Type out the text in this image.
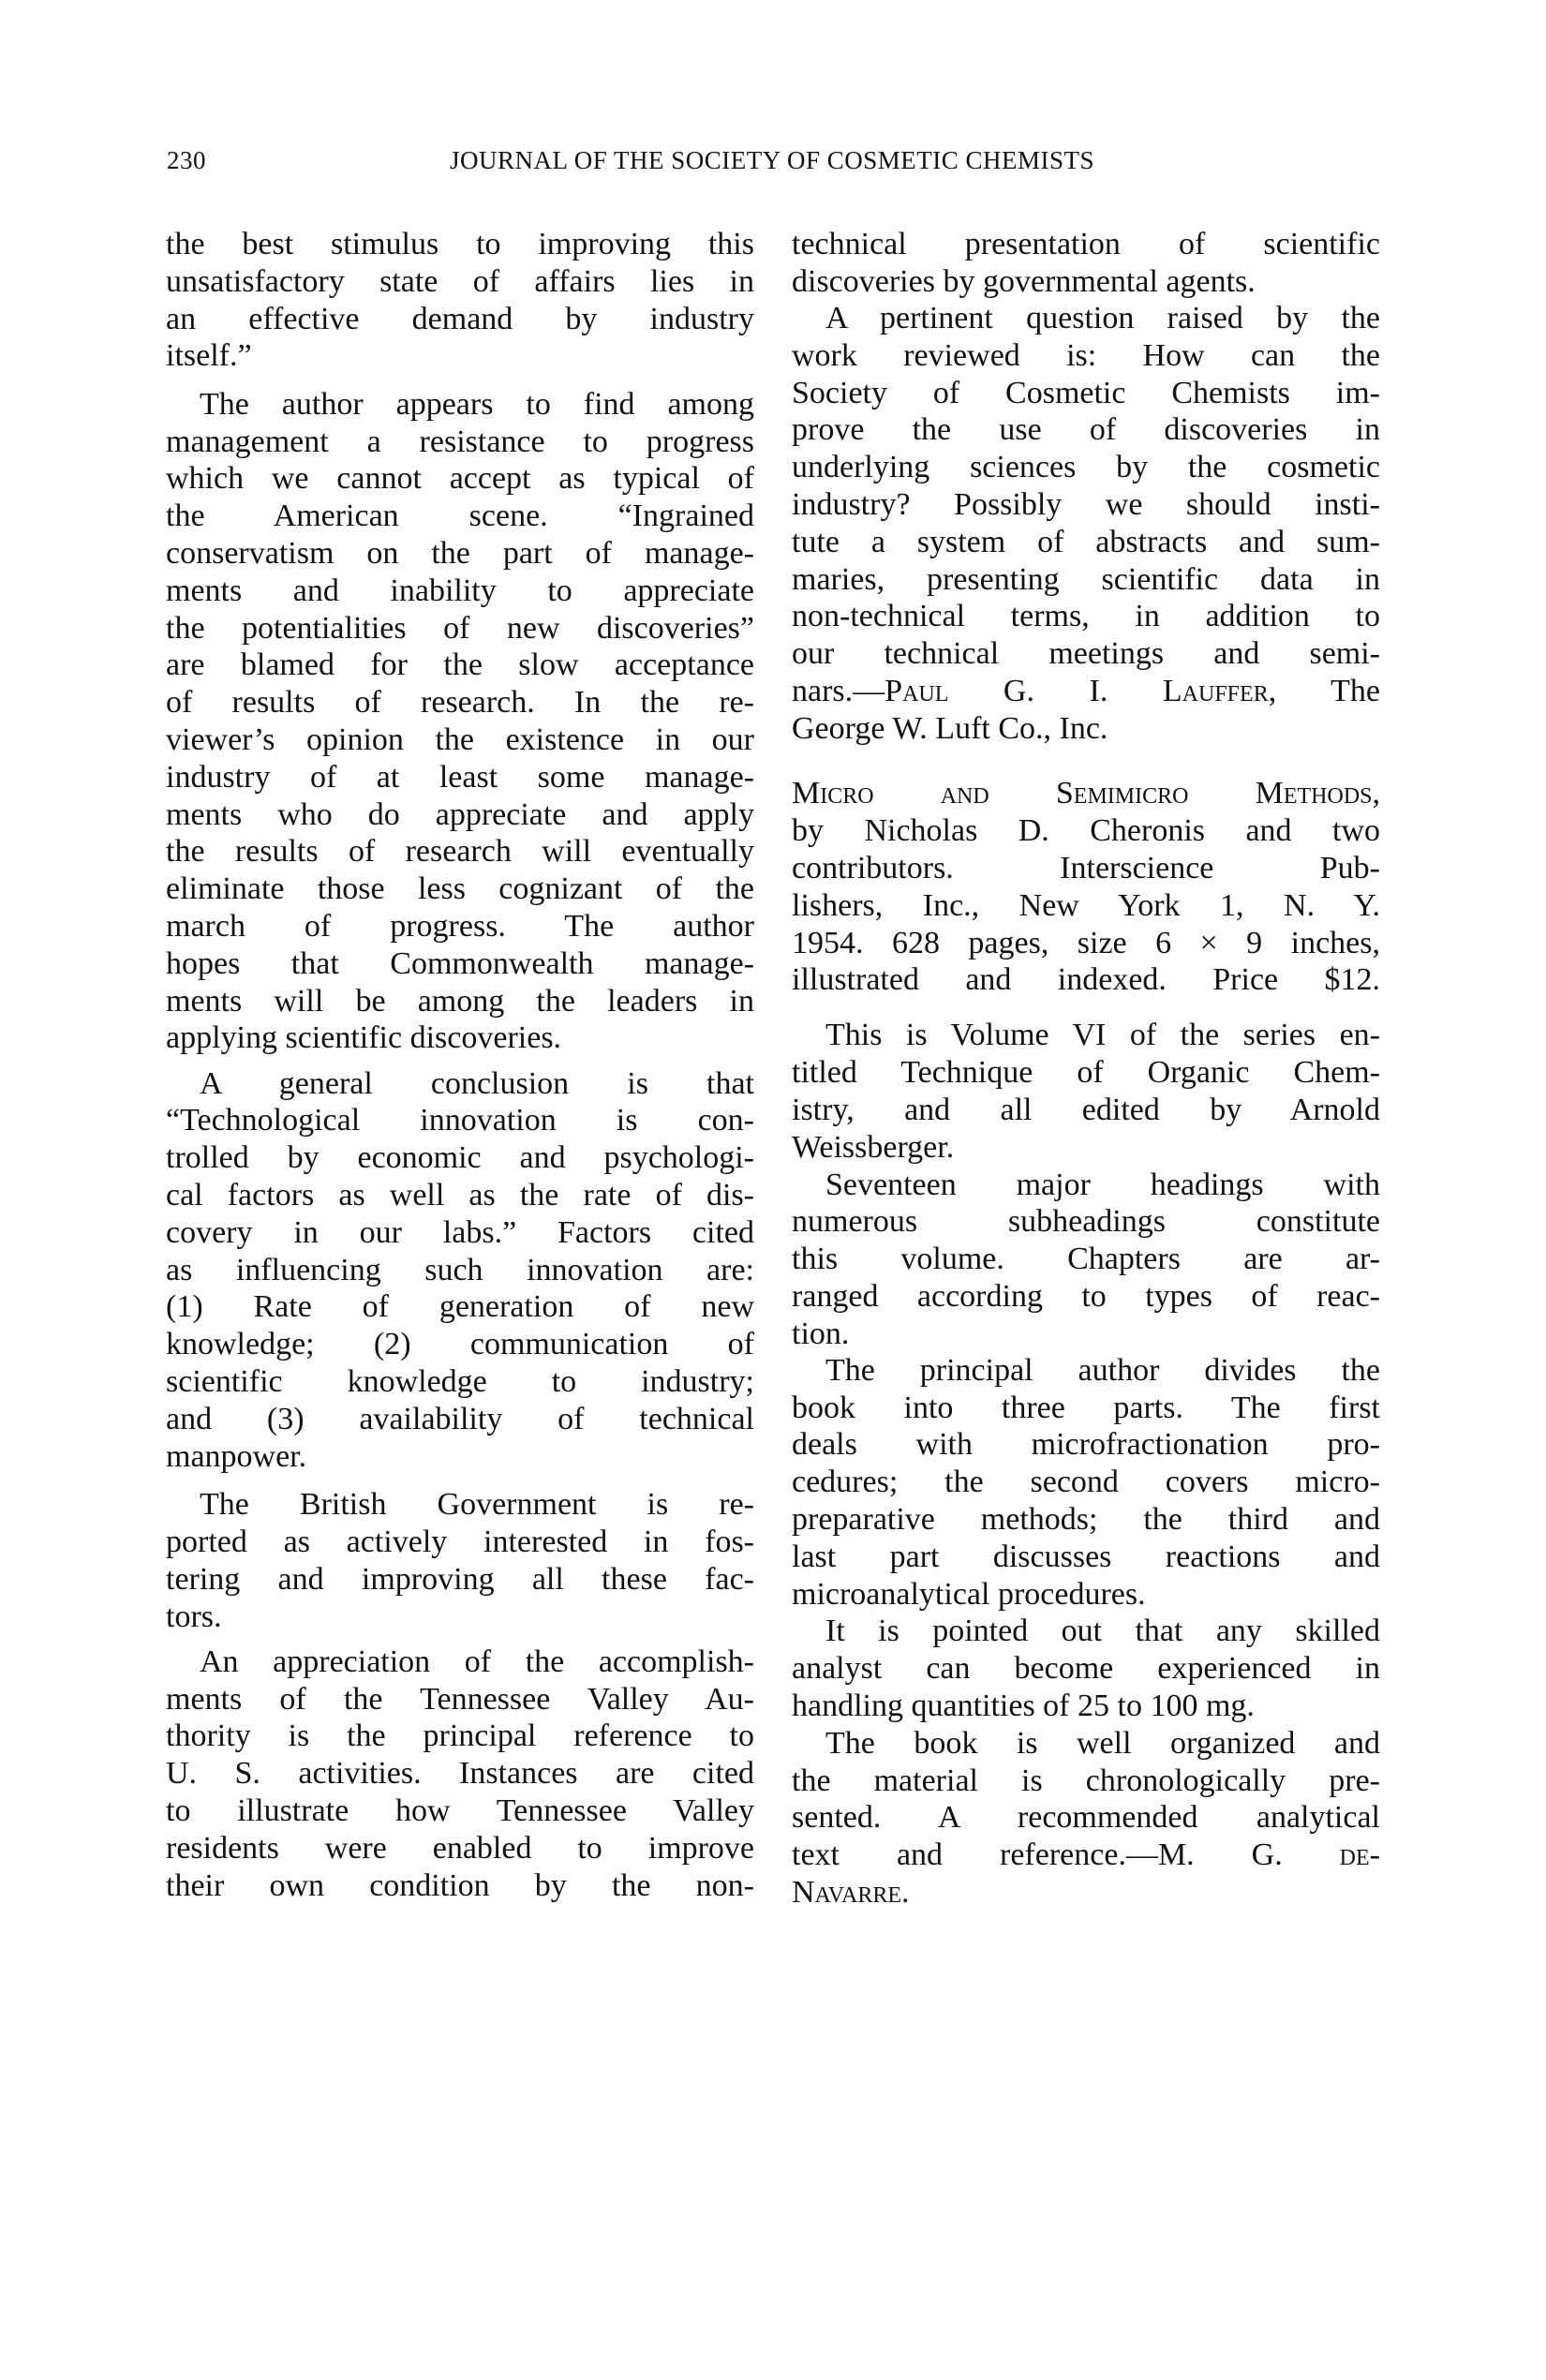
230	JOURNAL OF THE SOCIETY OF COSMETIC CHEMISTS
the best stimulus to improving this
unsatisfactory state of affairs lies in
an effective demand by industry
itself.”
The author appears to find among
management a resistance to progress
which we cannot accept as typical of
the American scene. “Ingrained
conservatism on the part of manage-
ments and inability to appreciate
the potentialities of new discoveries”
are blamed for the slow acceptance
of results of research. In the re-
viewer’s opinion the existence in our
industry of at least some manage-
ments who do appreciate and apply
the results of research will eventually
eliminate those less cognizant of the
march of progress. The author
hopes that Commonwealth manage-
ments will be among the leaders in
applying scientific discoveries.
A general conclusion is that
“Technological innovation is con-
trolled by economic and psychologi-
cal factors as well as the rate of dis-
covery in our labs.” Factors cited
as influencing such innovation are:
(1) Rate of generation of new
knowledge; (2) communication of
scientific knowledge to industry;
and (3) availability of technical
manpower.
The British Government is re-
ported as actively interested in fos-
tering and improving all these fac-
tors.
An appreciation of the accomplish-
ments of the Tennessee Valley Au-
thority is the principal reference to
U. S. activities. Instances are cited
to illustrate how Tennessee Valley
residents were enabled to improve
their own condition by the non-
technical presentation of scientific
discoveries by governmental agents.
A pertinent question raised by the
work reviewed is: How can the
Society of Cosmetic Chemists im-
prove the use of discoveries in
underlying sciences by the cosmetic
industry? Possibly we should insti-
tute a system of abstracts and sum-
maries, presenting scientific data in
non-technical terms, in addition to
our technical meetings and semi-
nars.—Paul G. I. Lauffer, The
George W. Luft Co., Inc.
Micro and Semimicro Methods,
by Nicholas D. Cheronis and two
contributors. Interscience Pub-
lishers, Inc., New York 1, N. Y.
1954. 628 pages, size 6 × 9 inches,
illustrated and indexed. Price $12.
This is Volume VI of the series en-
titled Technique of Organic Chem-
istry, and all edited by Arnold
Weissberger.
Seventeen major headings with
numerous subheadings constitute
this volume. Chapters are ar-
ranged according to types of reac-
tion.
The principal author divides the
book into three parts. The first
deals with microfractionation pro-
cedures; the second covers micro-
preparative methods; the third and
last part discusses reactions and
microanalytical procedures.
It is pointed out that any skilled
analyst can become experienced in
handling quantities of 25 to 100 mg.
The book is well organized and
the material is chronologically pre-
sented. A recommended analytical
text and reference.—M. G. de-
Navarre.
